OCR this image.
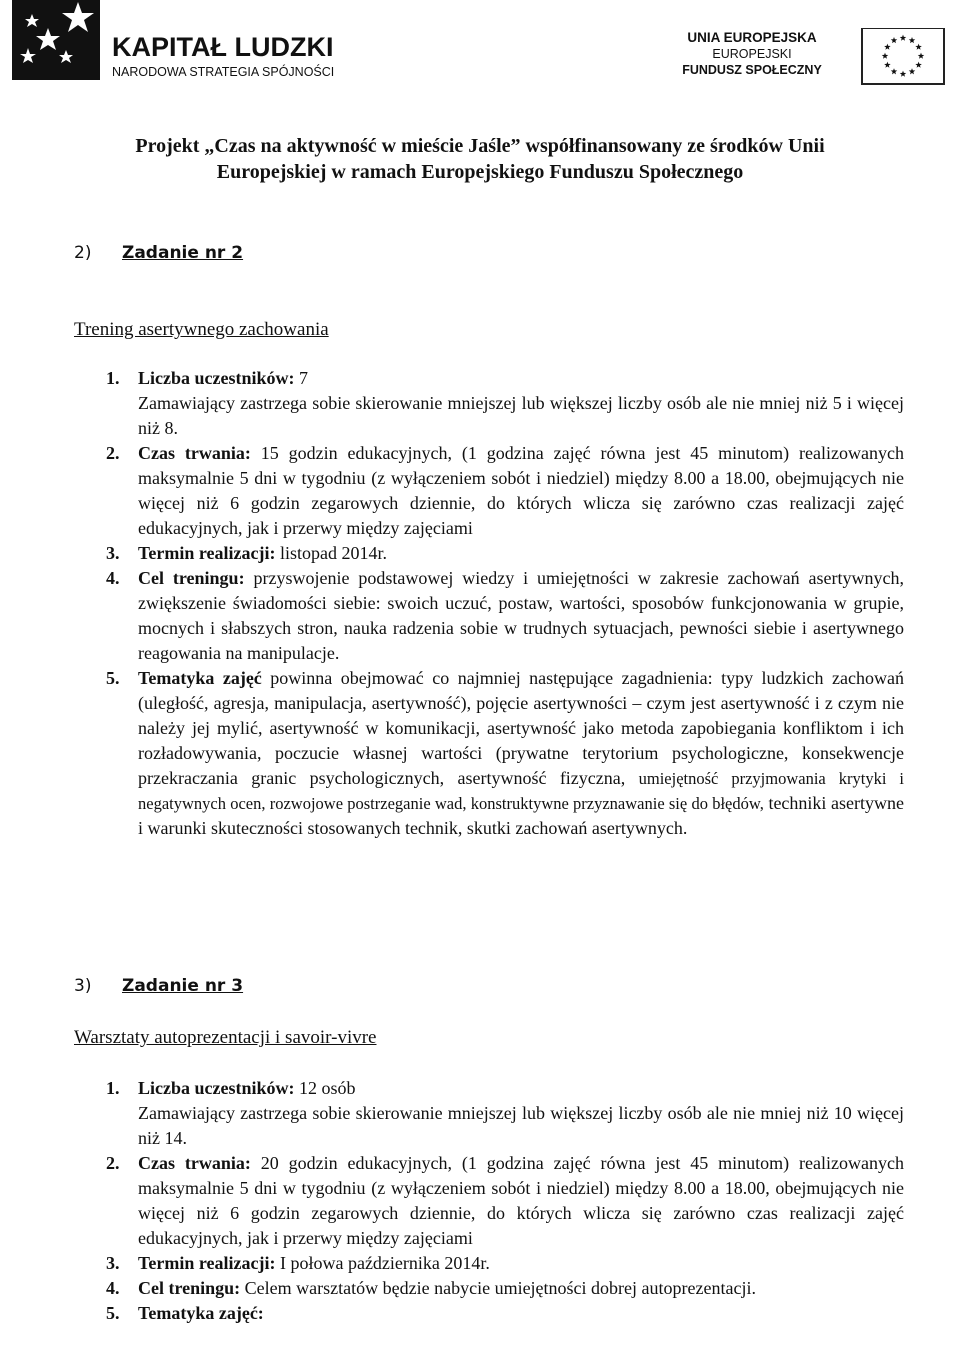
KAPITAŁ LUDZKI
NARODOWA STRATEGIA SPÓJNOŚCI
UNIA EUROPEJSKA
EUROPEJSKI
FUNDUSZ SPOŁECZNY
Projekt „Czas na aktywność w mieście Jaśle” współfinansowany ze środków Unii
Europejskiej w ramach Europejskiego Funduszu Społecznego

2) Zadanie nr 2

Trening asertywnego zachowania

1. Liczba uczestników: 7
Zamawiający zastrzega sobie skierowanie mniejszej lub większej liczby osób ale nie mniej niż 5 i więcej niż 8.
2. Czas trwania: 15 godzin edukacyjnych, (1 godzina zajęć równa jest 45 minutom) realizowanych maksymalnie 5 dni w tygodniu (z wyłączeniem sobót i niedziel) między 8.00 a 18.00, obejmujących nie więcej niż 6 godzin zegarowych dziennie, do których wlicza się zarówno czas realizacji zajęć edukacyjnych, jak i przerwy między zajęciami
3. Termin realizacji: listopad 2014r.
4. Cel treningu: przyswojenie podstawowej wiedzy i umiejętności w zakresie zachowań asertywnych, zwiększenie świadomości siebie: swoich uczuć, postaw, wartości, sposobów funkcjonowania w grupie, mocnych i słabszych stron, nauka radzenia sobie w trudnych sytuacjach, pewności siebie i asertywnego reagowania na manipulacje.
5. Tematyka zajęć powinna obejmować co najmniej następujące zagadnienia: typy ludzkich zachowań (uległość, agresja, manipulacja, asertywność), pojęcie asertywności – czym jest asertywność i z czym nie należy jej mylić, asertywność w komunikacji, asertywność jako metoda zapobiegania konfliktom i ich rozładowywania, poczucie własnej wartości (prywatne terytorium psychologiczne, konsekwencje przekraczania granic psychologicznych, asertywność fizyczna, umiejętność przyjmowania krytyki i negatywnych ocen, rozwojowe postrzeganie wad, konstruktywne przyznawanie się do błędów, techniki asertywne i warunki skuteczności stosowanych technik, skutki zachowań asertywnych.

3) Zadanie nr 3

Warsztaty autoprezentacji i savoir-vivre

1. Liczba uczestników: 12 osób
Zamawiający zastrzega sobie skierowanie mniejszej lub większej liczby osób ale nie mniej niż 10 więcej niż 14.
2. Czas trwania: 20 godzin edukacyjnych, (1 godzina zajęć równa jest 45 minutom) realizowanych maksymalnie 5 dni w tygodniu (z wyłączeniem sobót i niedziel) między 8.00 a 18.00, obejmujących nie więcej niż 6 godzin zegarowych dziennie, do których wlicza się zarówno czas realizacji zajęć edukacyjnych, jak i przerwy między zajęciami
3. Termin realizacji: I połowa października 2014r.
4. Cel treningu: Celem warsztatów będzie nabycie umiejętności dobrej autoprezentacji.
5. Tematyka zajęć:
